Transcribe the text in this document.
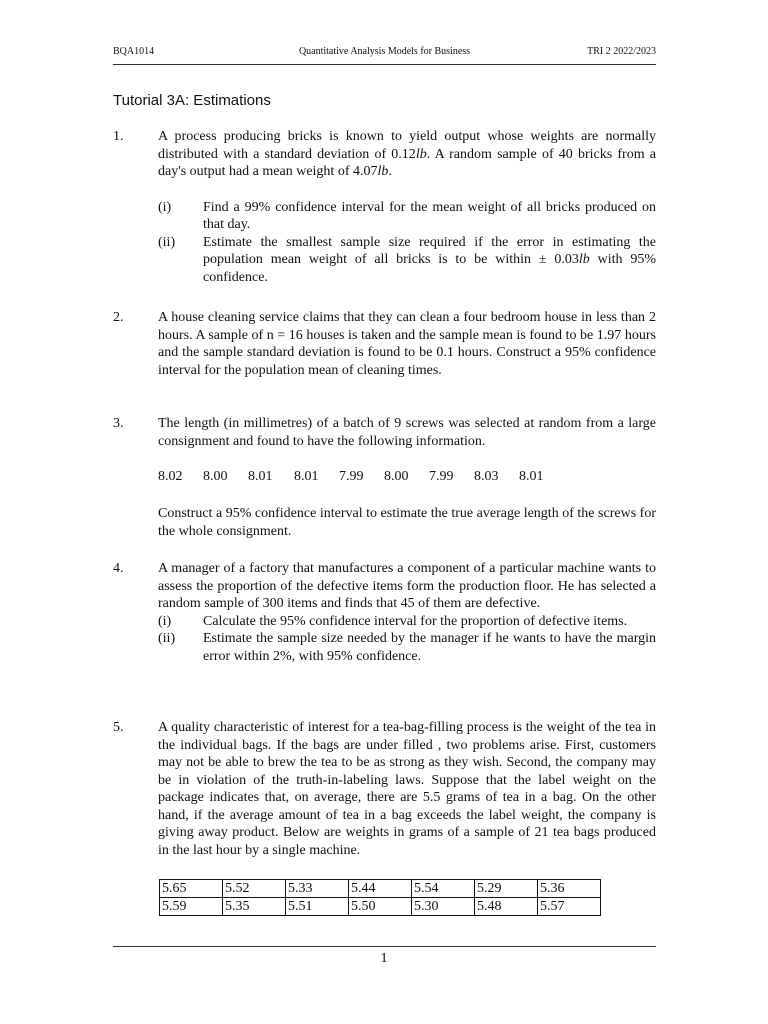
BQA1014	Quantitative Analysis Models for Business	TRI 2 2022/2023
Tutorial 3A: Estimations
1. A process producing bricks is known to yield output whose weights are normally distributed with a standard deviation of 0.12lb. A random sample of 40 bricks from a day's output had a mean weight of 4.07lb.
(i) Find a 99% confidence interval for the mean weight of all bricks produced on that day.
(ii) Estimate the smallest sample size required if the error in estimating the population mean weight of all bricks is to be within ± 0.03lb with 95% confidence.
2. A house cleaning service claims that they can clean a four bedroom house in less than 2 hours. A sample of n = 16 houses is taken and the sample mean is found to be 1.97 hours and the sample standard deviation is found to be 0.1 hours. Construct a 95% confidence interval for the population mean of cleaning times.
3. The length (in millimetres) of a batch of 9 screws was selected at random from a large consignment and found to have the following information.
8.02 8.00 8.01 8.01 7.99 8.00 7.99 8.03 8.01
Construct a 95% confidence interval to estimate the true average length of the screws for the whole consignment.
4. A manager of a factory that manufactures a component of a particular machine wants to assess the proportion of the defective items form the production floor. He has selected a random sample of 300 items and finds that 45 of them are defective.
(i) Calculate the 95% confidence interval for the proportion of defective items.
(ii) Estimate the sample size needed by the manager if he wants to have the margin error within 2%, with 95% confidence.
5. A quality characteristic of interest for a tea-bag-filling process is the weight of the tea in the individual bags. If the bags are under filled , two problems arise. First, customers may not be able to brew the tea to be as strong as they wish. Second, the company may be in violation of the truth-in-labeling laws. Suppose that the label weight on the package indicates that, on average, there are 5.5 grams of tea in a bag. On the other hand, if the average amount of tea in a bag exceeds the label weight, the company is giving away product. Below are weights in grams of a sample of 21 tea bags produced in the last hour by a single machine.
5.65	5.52	5.33	5.44	5.54	5.29	5.36
5.59	5.35	5.51	5.50	5.30	5.48	5.57
1
